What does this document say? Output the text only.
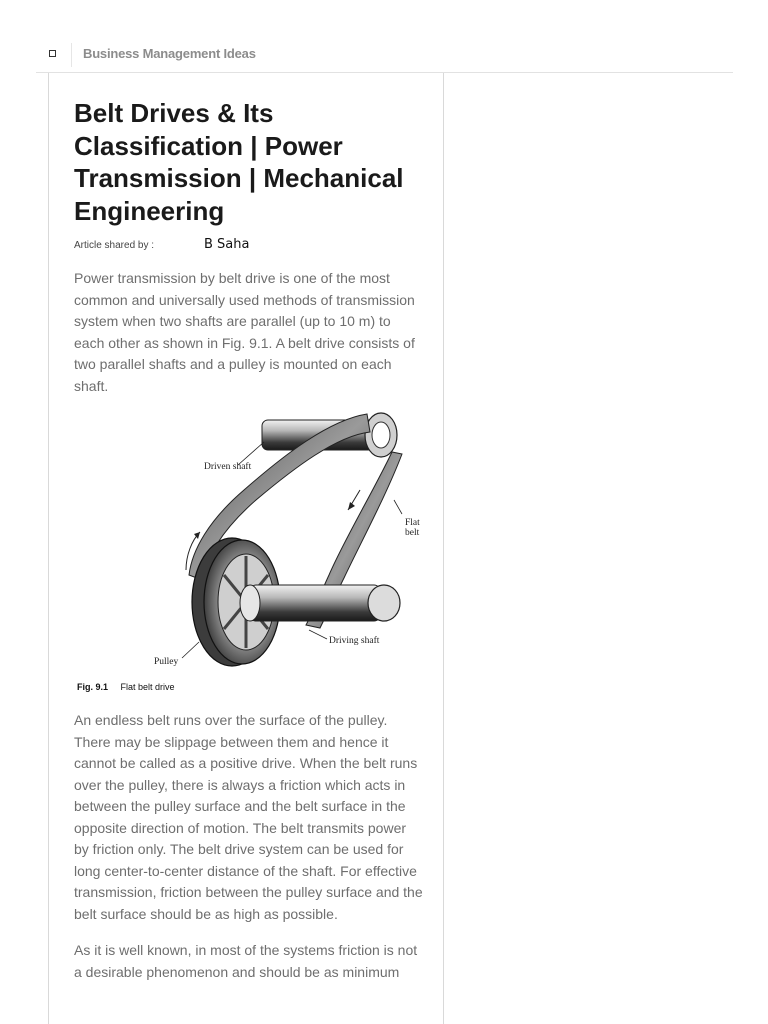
Business Management Ideas
Belt Drives & Its Classification | Power Transmission | Mechanical Engineering
Article shared by :	B Saha

Power transmission by belt drive is one of the most common and universally used methods of transmission system when two shafts are parallel (up to 10 m) to each other as shown in Fig. 9.1. A belt drive consists of two parallel shafts and a pulley is mounted on each shaft.

Driven shaft
Flat belt
Driving shaft
Pulley
Fig. 9.1 Flat belt drive

An endless belt runs over the surface of the pulley. There may be slippage between them and hence it cannot be called as a positive drive. When the belt runs over the pulley, there is always a friction which acts in between the pulley surface and the belt surface in the opposite direction of motion. The belt transmits power by friction only. The belt drive system can be used for long center-to-center distance of the shaft. For effective transmission, friction between the pulley surface and the belt surface should be as high as possible.

As it is well known, in most of the systems friction is not a desirable phenomenon and should be as minimum
